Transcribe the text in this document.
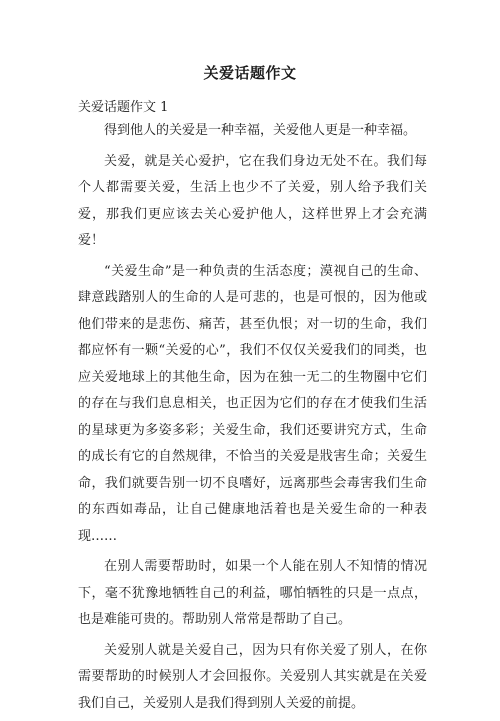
关爱话题作文
关爱话题作文 1

得到他人的关爱是一种幸福，关爱他人更是一种幸福。

关爱，就是关心爱护，它在我们身边无处不在。我们每个人都需要关爱，生活上也少不了关爱，别人给予我们关爱，那我们更应该去关心爱护他人，这样世界上才会充满爱！

“关爱生命”是一种负责的生活态度；漠视自己的生命、肆意践踏别人的生命的人是可悲的，也是可恨的，因为他或他们带来的是悲伤、痛苦，甚至仇恨；对一切的生命，我们都应怀有一颗“关爱的心”，我们不仅仅关爱我们的同类，也应关爱地球上的其他生命，因为在独一无二的生物圈中它们的存在与我们息息相关，也正因为它们的存在才使我们生活的星球更为多姿多彩；关爱生命，我们还要讲究方式，生命的成长有它的自然规律，不恰当的关爱是戕害生命；关爱生命，我们就要告别一切不良嗜好，远离那些会毒害我们生命的东西如毒品，让自己健康地活着也是关爱生命的一种表现……

在别人需要帮助时，如果一个人能在别人不知情的情况下，毫不犹豫地牺牲自己的利益，哪怕牺牲的只是一点点，也是难能可贵的。帮助别人常常是帮助了自己。

关爱别人就是关爱自己，因为只有你关爱了别人，在你需要帮助的时候别人才会回报你。关爱别人其实就是在关爱我们自己，关爱别人是我们得到别人关爱的前提。
